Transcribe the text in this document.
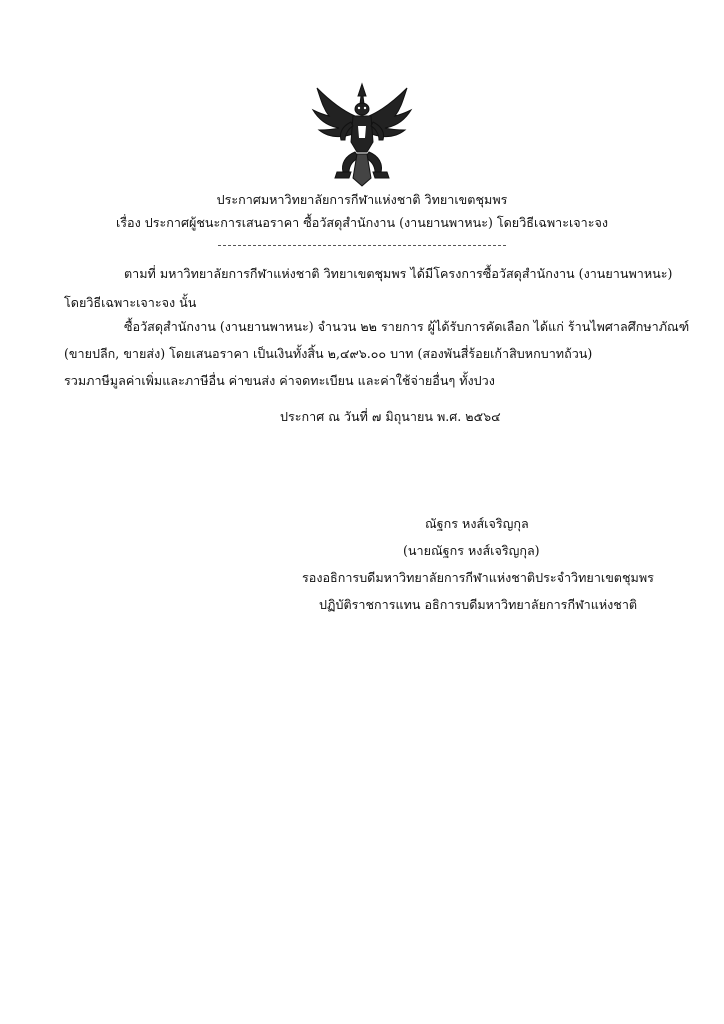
ประกาศมหาวิทยาลัยการกีฬาแห่งชาติ วิทยาเขตชุมพร
เรื่อง ประกาศผู้ชนะการเสนอราคา ซื้อวัสดุสำนักงาน (งานยานพาหนะ) โดยวิธีเฉพาะเจาะจง
ตามที่ มหาวิทยาลัยการกีฬาแห่งชาติ วิทยาเขตชุมพร ได้มีโครงการซื้อวัสดุสำนักงาน (งานยานพาหนะ)
โดยวิธีเฉพาะเจาะจง นั้น
ซื้อวัสดุสำนักงาน (งานยานพาหนะ) จำนวน ๒๒ รายการ ผู้ได้รับการคัดเลือก ได้แก่ ร้านไพศาลศึกษาภัณฑ์
(ขายปลีก, ขายส่ง) โดยเสนอราคา เป็นเงินทั้งสิ้น ๒,๔๙๖.๐๐ บาท (สองพันสี่ร้อยเก้าสิบหกบาทถ้วน)
รวมภาษีมูลค่าเพิ่มและภาษีอื่น ค่าขนส่ง ค่าจดทะเบียน และค่าใช้จ่ายอื่นๆ ทั้งปวง
ประกาศ ณ วันที่ ๗ มิถุนายน พ.ศ. ๒๕๖๔
ณัฐกร หงส์เจริญกุล
(นายณัฐกร หงส์เจริญกุล)
รองอธิการบดีมหาวิทยาลัยการกีฬาแห่งชาติประจำวิทยาเขตชุมพร
ปฏิบัติราชการแทน อธิการบดีมหาวิทยาลัยการกีฬาแห่งชาติ
